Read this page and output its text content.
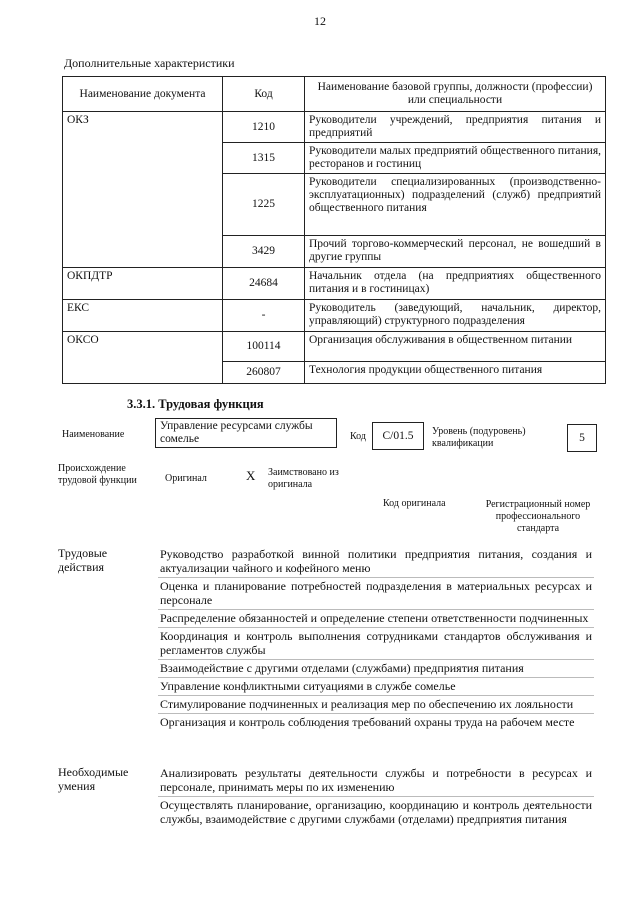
12
Дополнительные характеристики
Наименование документа	Код	Наименование базовой группы, должности (профессии) или специальности
ОКЗ	1210	Руководители учреждений, предприятия питания и предприятий
	1315	Руководители малых предприятий общественного питания, ресторанов и гостиниц
	1225	Руководители специализированных (производственно-эксплуатационных) подразделений (служб) предприятий общественного питания
	3429	Прочий торгово-коммерческий персонал, не вошедший в другие группы
ОКПДТР	24684	Начальник отдела (на предприятиях общественного питания и в гостиницах)
ЕКС	-	Руководитель (заведующий, начальник, директор, управляющий) структурного подразделения
ОКСО	100114	Организация обслуживания в общественном питании
	260807	Технология продукции общественного питания
3.3.1. Трудовая функция
Наименование
Управление ресурсами службы сомелье	Код	C/01.5	Уровень (подуровень) квалификации	5
Происхождение трудовой функции	Оригинал	X Заимствовано из оригинала
Код оригинала	Регистрационный номер профессионального стандарта
Трудовые действия
Руководство разработкой винной политики предприятия питания, создания и актуализации чайного и кофейного меню
Оценка и планирование потребностей подразделения в материальных ресурсах и персонале
Распределение обязанностей и определение степени ответственности подчиненных
Координация и контроль выполнения сотрудниками стандартов обслуживания и регламентов службы
Взаимодействие с другими отделами (службами) предприятия питания
Управление конфликтными ситуациями в службе сомелье
Стимулирование подчиненных и реализация мер по обеспечению их лояльности
Организация и контроль соблюдения требований охраны труда на рабочем месте
Необходимые умения
Анализировать результаты деятельности службы и потребности в ресурсах и персонале, принимать меры по их изменению
Осуществлять планирование, организацию, координацию и контроль деятельности службы, взаимодействие с другими службами (отделами) предприятия питания
